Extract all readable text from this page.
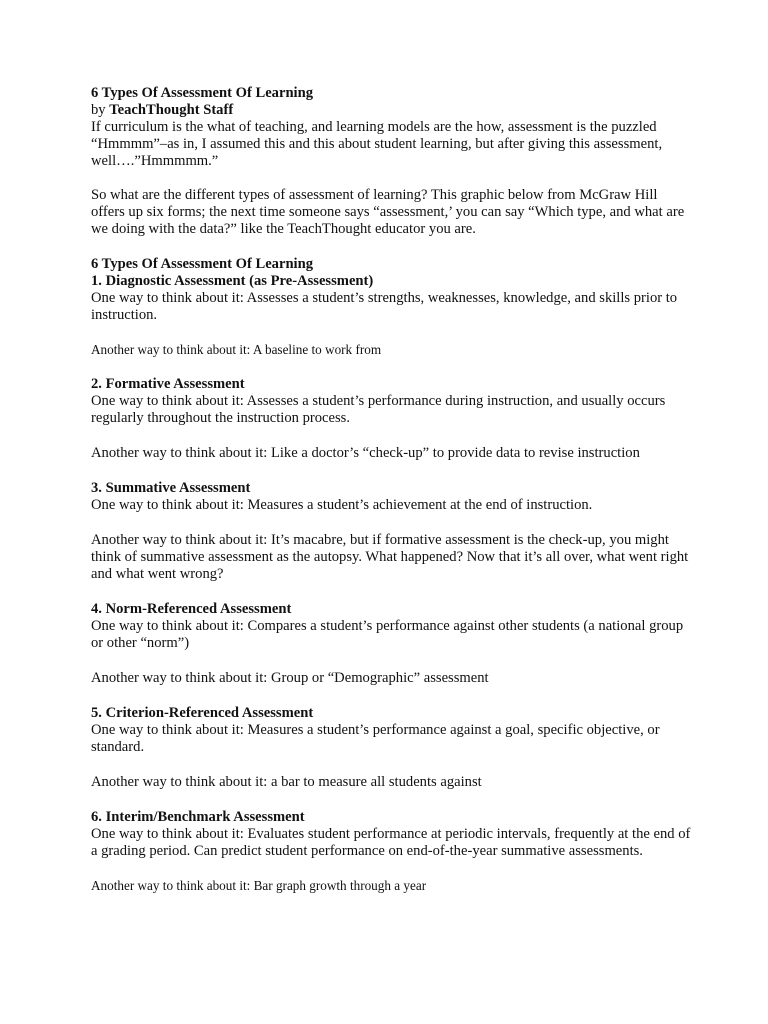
6 Types Of Assessment Of Learning

by TeachThought Staff

If curriculum is the what of teaching, and learning models are the how, assessment is the puzzled “Hmmmm”–as in, I assumed this and this about student learning, but after giving this assessment, well….”Hmmmmm.”

So what are the different types of assessment of learning? This graphic below from McGraw Hill offers up six forms; the next time someone says “assessment,’ you can say “Which type, and what are we doing with the data?” like the TeachThought educator you are.

6 Types Of Assessment Of Learning

1. Diagnostic Assessment (as Pre-Assessment)

One way to think about it: Assesses a student’s strengths, weaknesses, knowledge, and skills prior to instruction.

Another way to think about it: A baseline to work from

2. Formative Assessment

One way to think about it: Assesses a student’s performance during instruction, and usually occurs regularly throughout the instruction process.

Another way to think about it: Like a doctor’s “check-up” to provide data to revise instruction

3. Summative Assessment

One way to think about it: Measures a student’s achievement at the end of instruction.

Another way to think about it: It’s macabre, but if formative assessment is the check-up, you might think of summative assessment as the autopsy. What happened? Now that it’s all over, what went right and what went wrong?

4. Norm-Referenced Assessment

One way to think about it: Compares a student’s performance against other students (a national group or other “norm”)

Another way to think about it: Group or “Demographic” assessment

5. Criterion-Referenced Assessment

One way to think about it: Measures a student’s performance against a goal, specific objective, or standard.

Another way to think about it: a bar to measure all students against

6. Interim/Benchmark Assessment

One way to think about it: Evaluates student performance at periodic intervals, frequently at the end of a grading period. Can predict student performance on end-of-the-year summative assessments.

Another way to think about it: Bar graph growth through a year
